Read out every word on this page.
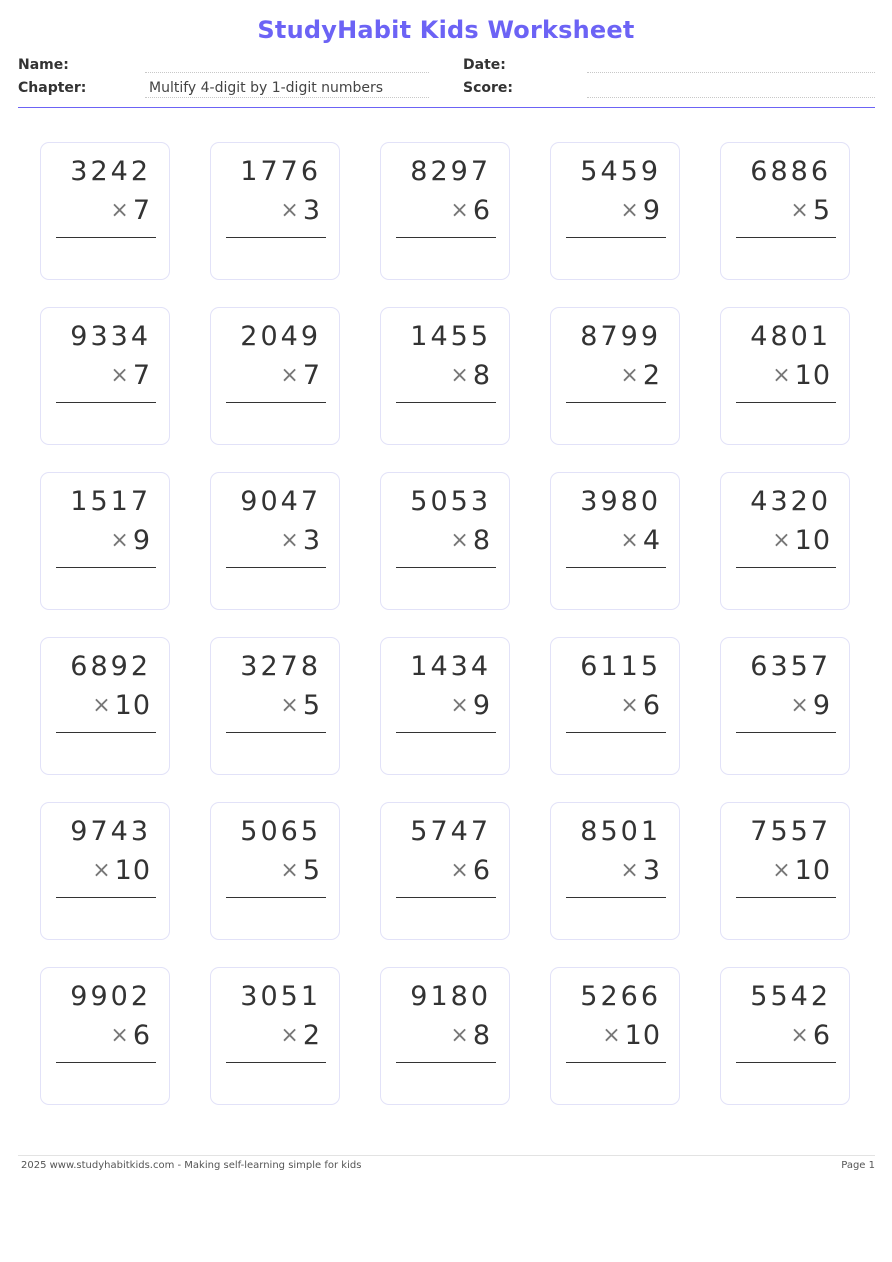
StudyHabit Kids Worksheet
Name:
Chapter:	Multify 4-digit by 1-digit numbers
Date:
Score:
3242
× 7
1776
× 3
8297
× 6
5459
× 9
6886
× 5
9334
× 7
2049
× 7
1455
× 8
8799
× 2
4801
× 10
1517
× 9
9047
× 3
5053
× 8
3980
× 4
4320
× 10
6892
× 10
3278
× 5
1434
× 9
6115
× 6
6357
× 9
9743
× 10
5065
× 5
5747
× 6
8501
× 3
7557
× 10
9902
× 6
3051
× 2
9180
× 8
5266
× 10
5542
× 6
2025 www.studyhabitkids.com - Making self-learning simple for kids	Page 1
